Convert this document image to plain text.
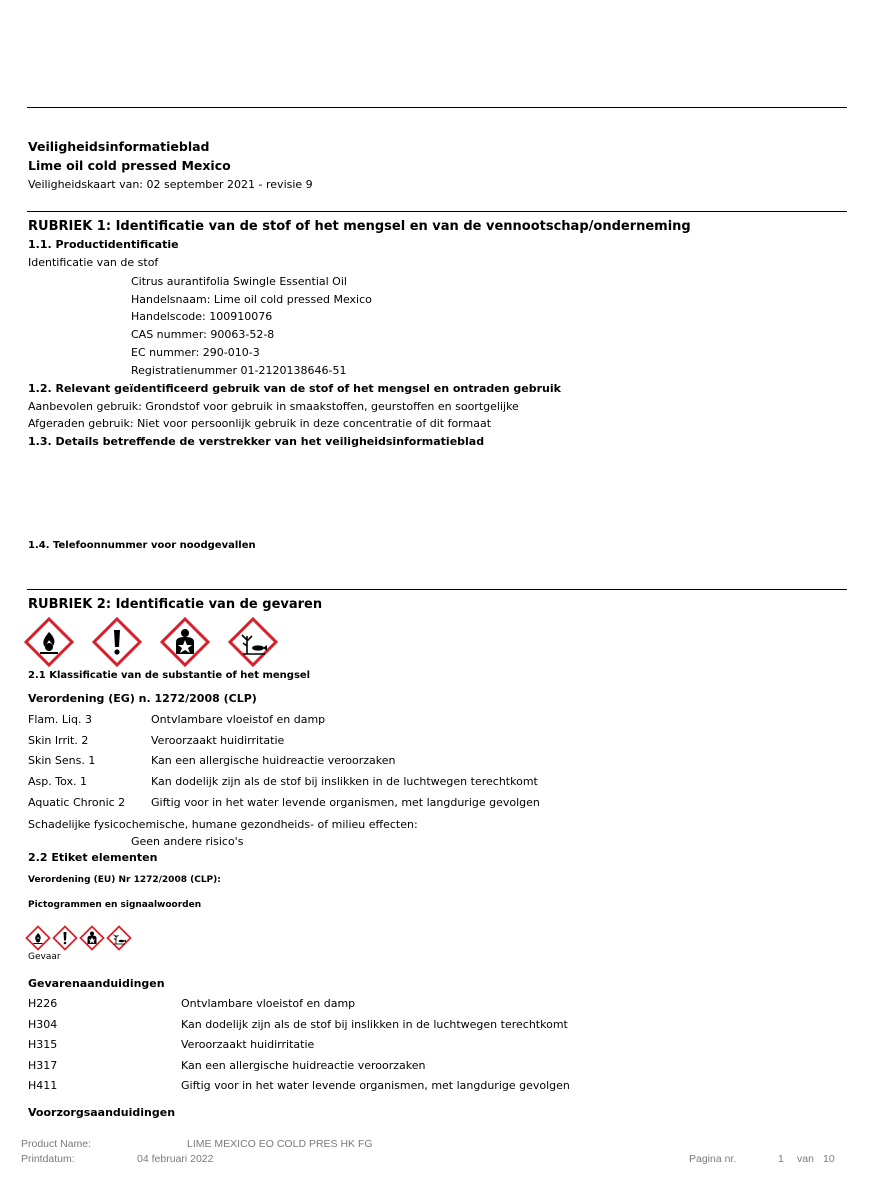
Veiligheidsinformatieblad
Lime oil cold pressed Mexico
Veiligheidskaart van: 02 september 2021 - revisie 9
RUBRIEK 1: Identificatie van de stof of het mengsel en van de vennootschap/onderneming
1.1. Productidentificatie
Identificatie van de stof
Citrus aurantifolia Swingle Essential Oil
Handelsnaam: Lime oil cold pressed Mexico
Handelscode: 100910076
CAS nummer: 90063-52-8
EC nummer: 290-010-3
Registratienummer 01-2120138646-51
1.2. Relevant geïdentificeerd gebruik van de stof of het mengsel en ontraden gebruik
Aanbevolen gebruik: Grondstof voor gebruik in smaakstoffen, geurstoffen en soortgelijke
Afgeraden gebruik: Niet voor persoonlijk gebruik in deze concentratie of dit formaat
1.3. Details betreffende de verstrekker van het veiligheidsinformatieblad
1.4. Telefoonnummer voor noodgevallen
RUBRIEK 2: Identificatie van de gevaren
2.1 Klassificatie van de substantie of het mengsel
Verordening (EG) n. 1272/2008 (CLP)
Flam. Liq. 3	Ontvlambare vloeistof en damp
Skin Irrit. 2	Veroorzaakt huidirritatie
Skin Sens. 1	Kan een allergische huidreactie veroorzaken
Asp. Tox. 1	Kan dodelijk zijn als de stof bij inslikken in de luchtwegen terechtkomt
Aquatic Chronic 2 Giftig voor in het water levende organismen, met langdurige gevolgen
Schadelijke fysicochemische, humane gezondheids- of milieu effecten:
Geen andere risico's
2.2 Etiket elementen
Verordening (EU) Nr 1272/2008 (CLP):
Pictogrammen en signaalwoorden
Gevaar
Gevarenaanduidingen
H226	Ontvlambare vloeistof en damp
H304	Kan dodelijk zijn als de stof bij inslikken in de luchtwegen terechtkomt
H315	Veroorzaakt huidirritatie
H317	Kan een allergische huidreactie veroorzaken
H411	Giftig voor in het water levende organismen, met langdurige gevolgen
Voorzorgsaanduidingen
Product Name:	LIME MEXICO EO COLD PRES HK FG
Printdatum:	04 februari 2022	Pagina nr.	1 van 10
